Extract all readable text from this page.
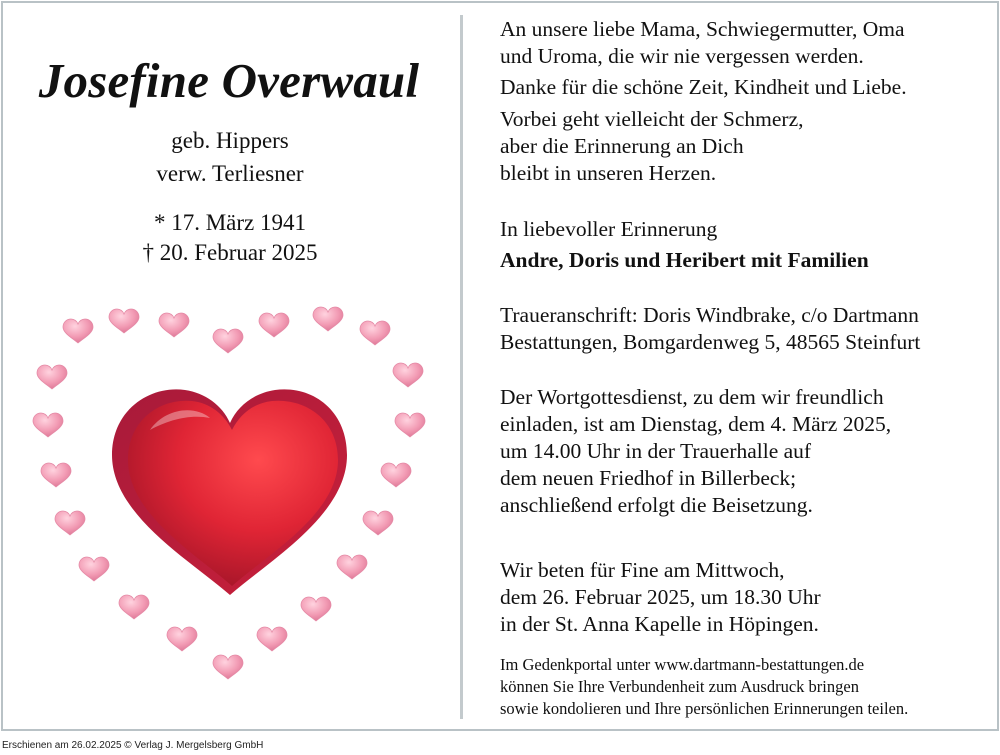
Josefine Overwaul
geb. Hippers
verw. Terliesner
* 17. März 1941
† 20. Februar 2025

An unsere liebe Mama, Schwiegermutter, Oma
und Uroma, die wir nie vergessen werden.

Danke für die schöne Zeit, Kindheit und Liebe.

Vorbei geht vielleicht der Schmerz,
aber die Erinnerung an Dich
bleibt in unseren Herzen.

In liebevoller Erinnerung

Andre, Doris und Heribert mit Familien

Traueranschrift: Doris Windbrake, c/o Dartmann
Bestattungen, Bomgardenweg 5, 48565 Steinfurt

Der Wortgottesdienst, zu dem wir freundlich
einladen, ist am Dienstag, dem 4. März 2025,
um 14.00 Uhr in der Trauerhalle auf
dem neuen Friedhof in Billerbeck;
anschließend erfolgt die Beisetzung.

Wir beten für Fine am Mittwoch,
dem 26. Februar 2025, um 18.30 Uhr
in der St. Anna Kapelle in Höpingen.

Im Gedenkportal unter www.dartmann-bestattungen.de
können Sie Ihre Verbundenheit zum Ausdruck bringen
sowie kondolieren und Ihre persönlichen Erinnerungen teilen.

Erschienen am 26.02.2025 © Verlag J. Mergelsberg GmbH
